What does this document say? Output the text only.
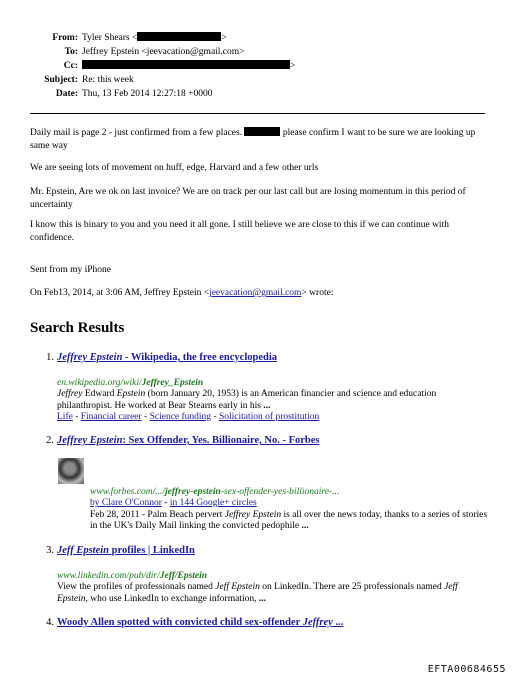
From: Tyler Shears <	>
To: Jeffrey Epstein <jeevacation@gmail.com>
Cc:	>
Subject: Re: this week
Date: Thu, 13 Feb 2014 12:27:18 +0000
Daily mail is page 2 - just confirmed from a few places.	please confirm I want to be sure we are looking up same way
We are seeing lots of movement on huff, edge, Harvard and a few other urls
Mr. Epstein, Are we ok on last invoice? We are on track per our last call but are losing momentum in this period of uncertainty
I know this is binary to you and you need it all gone. I still believe we are close to this if we can continue with confidence.
Sent from my iPhone
On Feb13, 2014, at 3:06 AM, Jeffrey Epstein <jeevacation@gmail.com> wrote:
Search Results
1. Jeffrey Epstein - Wikipedia, the free encyclopedia
en.wikipedia.org/wiki/Jeffrey_Epstein
Jeffrey Edward Epstein (born January 20, 1953) is an American financier and science and education philanthropist. He worked at Bear Stearns early in his ...
Life - Financial career - Science funding - Solicitation of prostitution
2. Jeffrey Epstein: Sex Offender, Yes. Billionaire, No. - Forbes
www.forbes.com/.../jeffrey-epstein-sex-offender-yes-billionaire-...
by Clare O'Connor - in 144 Google+ circles
Feb 28, 2011 - Palm Beach pervert Jeffrey Epstein is all over the news today, thanks to a series of stories in the UK's Daily Mail linking the convicted pedophile ...
3. Jeff Epstein profiles | LinkedIn
www.linkedin.com/pub/dir/Jeff/Epstein
View the profiles of professionals named Jeff Epstein on LinkedIn. There are 25 professionals named Jeff Epstein, who use LinkedIn to exchange information, ...
4. Woody Allen spotted with convicted child sex-offender Jeffrey ...
EFTA00684655
